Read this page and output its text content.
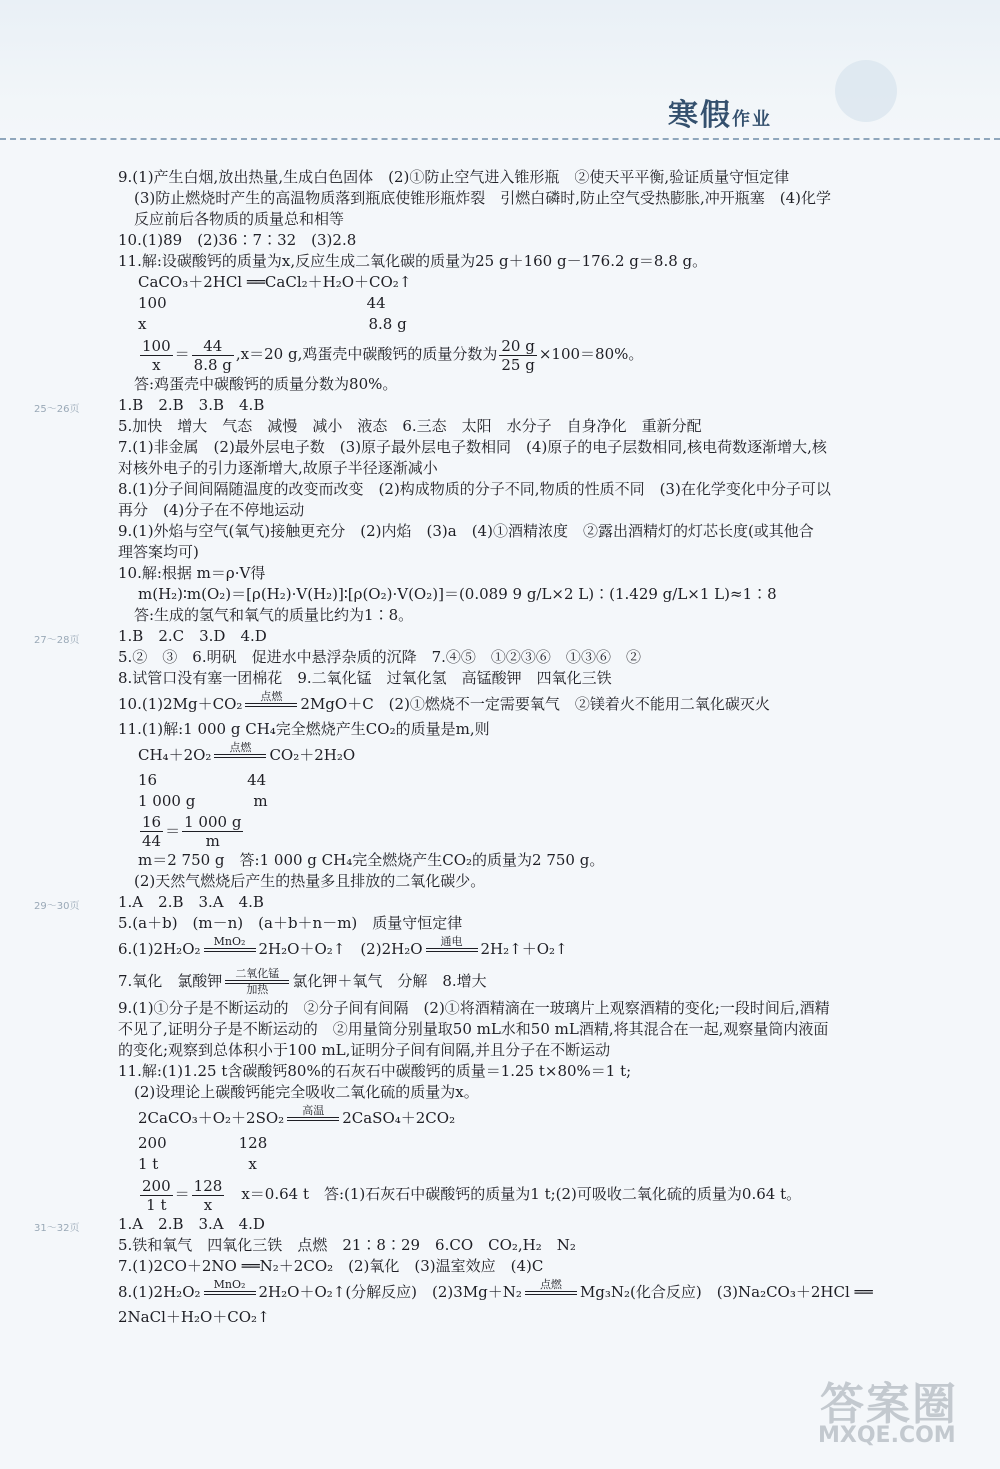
寒假作业
9.(1)产生白烟,放出热量,生成白色固体　(2)①防止空气进入锥形瓶　②使天平平衡,验证质量守恒定律
(3)防止燃烧时产生的高温物质落到瓶底使锥形瓶炸裂　引燃白磷时,防止空气受热膨胀,冲开瓶塞　(4)化学
反应前后各物质的质量总和相等
10.(1)89　(2)36∶7∶32　(3)2.8
11.解:设碳酸钙的质量为x,反应生成二氧化碳的质量为25 g＋160 g－176.2 g＝8.8 g。
CaCO₃＋2HCl ══CaCl₂＋H₂O＋CO₂↑
100	44
x	8.8 g
$\frac{100}{x} = \frac{44}{8.8 g} ,x=20$ g,鸡蛋壳中碳酸钙的质量分数为 $\frac{20 g}{25 g} \times 100=80\%$。
答:鸡蛋壳中碳酸钙的质量分数为80%。
25～26页	1.B　2.B　3.B　4.B
5.加快　增大　气态　减慢　减小　液态　6.三态　太阳　水分子　自身净化　重新分配
7.(1)非金属　(2)最外层电子数　(3)原子最外层电子数相同　(4)原子的电子层数相同,核电荷数逐渐增大,核
对核外电子的引力逐渐增大,故原子半径逐渐减小
8.(1)分子间间隔随温度的改变而改变　(2)构成物质的分子不同,物质的性质不同　(3)在化学变化中分子可以
再分　(4)分子在不停地运动
9.(1)外焰与空气(氧气)接触更充分　(2)内焰　(3)a　(4)①酒精浓度　②露出酒精灯的灯芯长度(或其他合
理答案均可)
10.解:根据 m＝ρ·V得
m(H₂)∶m(O₂)＝[ρ(H₂)·V(H₂)]∶[ρ(O₂)·V(O₂)]＝(0.089 9 g/L×2 L)∶(1.429 g/L×1 L)≈1∶8
答:生成的氢气和氧气的质量比约为1∶8。
27～28页	1.B　2.C　3.D　4.D
5.②　③　6.明矾　促进水中悬浮杂质的沉降　7.④⑤　①②③⑥　①③⑥　②
8.试管口没有塞一团棉花　9.二氧化锰　过氧化氢　高锰酸钾　四氧化三铁
10.(1)2Mg＋CO₂	点燃	2MgO＋C　(2)①燃烧不一定需要氧气　②镁着火不能用二氧化碳灭火
11.(1)解:1 000 g CH₄完全燃烧产生CO₂的质量是m,则
CH₄＋2O₂	点燃	CO₂＋2H₂O
16	44
1 000 g	m
$\frac{16}{44} = \frac{1 000 g}{m}$
m＝2 750 g　答:1 000 g CH₄完全燃烧产生CO₂的质量为2 750 g。
(2)天然气燃烧后产生的热量多且排放的二氧化碳少。
29～30页	1.A　2.B　3.A　4.B
5.(a＋b)　(m－n)　(a＋b＋n－m)　质量守恒定律
6.(1)2H₂O₂	MnO₂ 2H₂O＋O₂↑　(2)2H₂O	通电	2H₂↑＋O₂↑
7.氧化　氯酸钾	二氧化锰
加热	氯化钾＋氧气　分解　8.增大
9.(1)①分子是不断运动的　②分子间有间隔　(2)①将酒精滴在一玻璃片上观察酒精的变化;一段时间后,酒精
不见了,证明分子是不断运动的　②用量筒分别量取50 mL水和50 mL酒精,将其混合在一起,观察量筒内液面
的变化;观察到总体积小于100 mL,证明分子间有间隔,并且分子在不断运动
11.解:(1)1.25 t含碳酸钙80%的石灰石中碳酸钙的质量＝1.25 t×80%＝1 t;
(2)设理论上碳酸钙能完全吸收二氧化硫的质量为x。
2CaCO₃＋O₂＋2SO₂	高温	2CaSO₄＋2CO₂
200	128
1 t	x
$\frac{200}{1 t} = \frac{128}{x}$
　 x＝0.64 t　答:(1)石灰石中碳酸钙的质量为1 t;(2)可吸收二氧化硫的质量为0.64 t。
31～32页	1.A　2.B　3.A　4.D
5.铁和氧气　四氧化三铁　点燃　21∶8∶29　6.CO　CO₂,H₂　N₂
7.(1)2CO＋2NO ══N₂＋2CO₂　(2)氧化　(3)温室效应　(4)C
8.(1)2H₂O₂	MnO₂ 2H₂O＋O₂↑(分解反应)　(2)3Mg＋N₂	点燃	Mg₃N₂(化合反应)　(3)Na₂CO₃＋2HCl ══
2NaCl＋H₂O＋CO₂↑
答案圈
MXQE.COM
